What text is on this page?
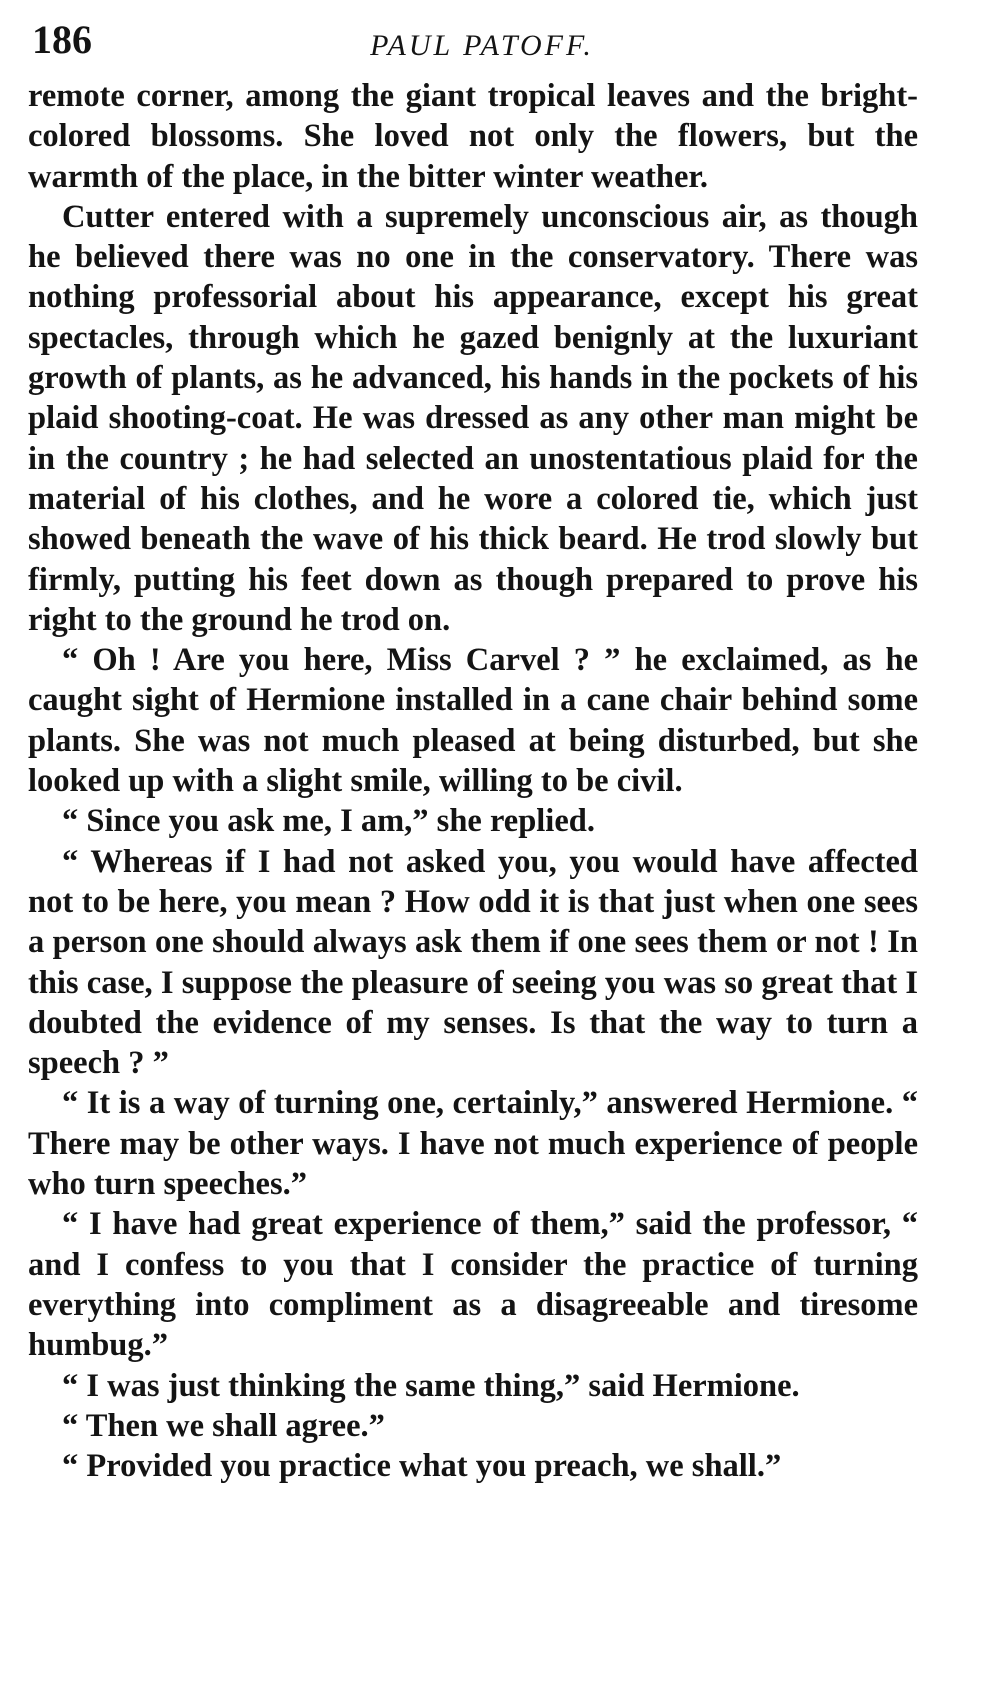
186	PAUL PATOFF.

remote corner, among the giant tropical leaves and the bright-colored blossoms. She loved not only the flowers, but the warmth of the place, in the bitter winter weather.

Cutter entered with a supremely unconscious air, as though he believed there was no one in the conservatory. There was nothing professorial about his appearance, except his great spectacles, through which he gazed benignly at the luxuriant growth of plants, as he advanced, his hands in the pockets of his plaid shooting-coat. He was dressed as any other man might be in the country ; he had selected an unostentatious plaid for the material of his clothes, and he wore a colored tie, which just showed beneath the wave of his thick beard. He trod slowly but firmly, putting his feet down as though prepared to prove his right to the ground he trod on.

“ Oh ! Are you here, Miss Carvel ? ” he exclaimed, as he caught sight of Hermione installed in a cane chair behind some plants. She was not much pleased at being disturbed, but she looked up with a slight smile, willing to be civil.

“ Since you ask me, I am,” she replied.

“ Whereas if I had not asked you, you would have affected not to be here, you mean ? How odd it is that just when one sees a person one should always ask them if one sees them or not ! In this case, I suppose the pleasure of seeing you was so great that I doubted the evidence of my senses. Is that the way to turn a speech ? ”

“ It is a way of turning one, certainly,” answered Hermione. “ There may be other ways. I have not much experience of people who turn speeches.”

“ I have had great experience of them,” said the professor, “ and I confess to you that I consider the practice of turning everything into compliment as a disagreeable and tiresome humbug.”

“ I was just thinking the same thing,” said Hermione.

“ Then we shall agree.”

“ Provided you practice what you preach, we shall.”
